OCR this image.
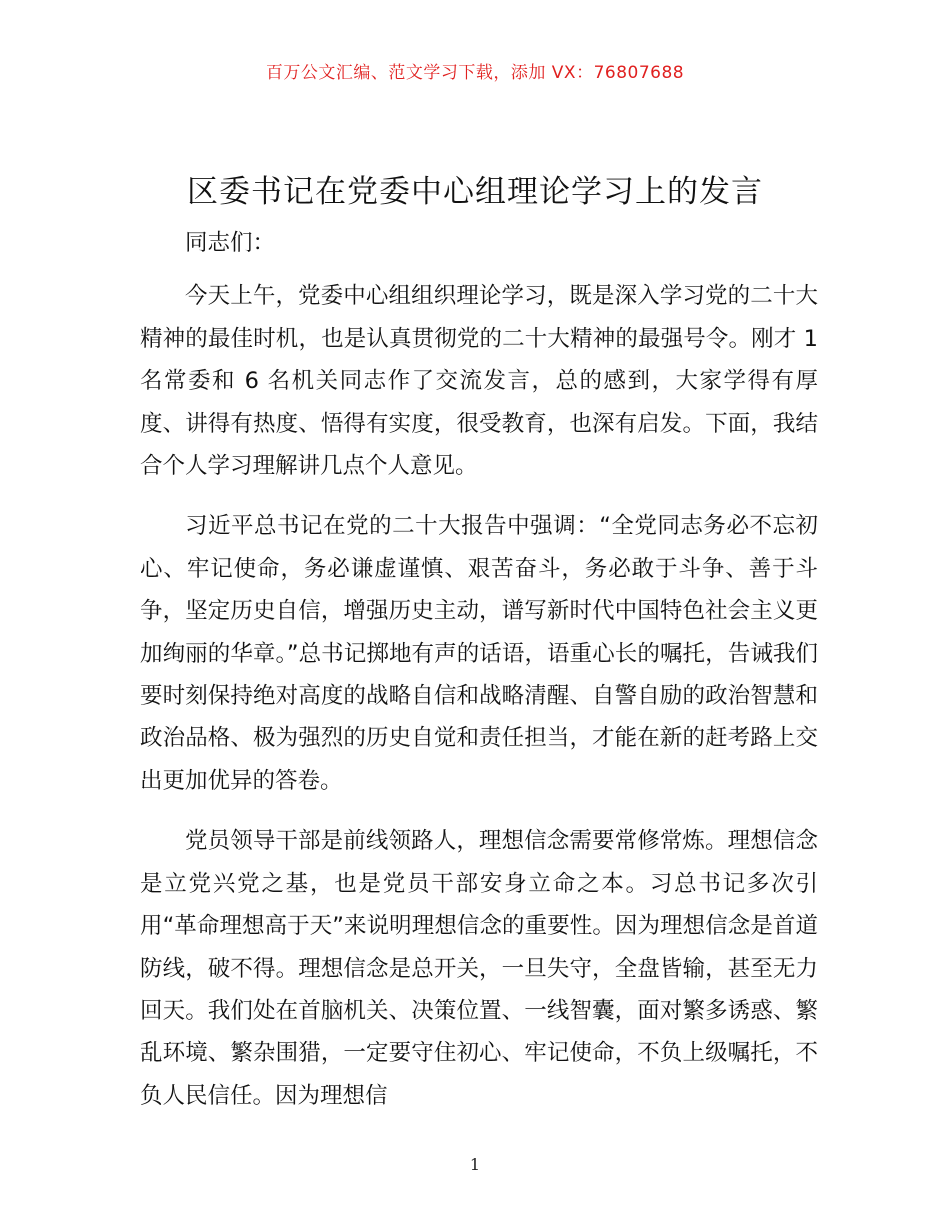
百万公文汇编、范文学习下载，添加 VX：76807688
区委书记在党委中心组理论学习上的发言

同志们：

今天上午，党委中心组组织理论学习，既是深入学习党的二十大精神的最佳时机，也是认真贯彻党的二十大精神的最强号令。刚才 1 名常委和 6 名机关同志作了交流发言，总的感到，大家学得有厚度、讲得有热度、悟得有实度，很受教育，也深有启发。下面，我结合个人学习理解讲几点个人意见。

习近平总书记在党的二十大报告中强调：“全党同志务必不忘初心、牢记使命，务必谦虚谨慎、艰苦奋斗，务必敢于斗争、善于斗争，坚定历史自信，增强历史主动，谱写新时代中国特色社会主义更加绚丽的华章。”总书记掷地有声的话语，语重心长的嘱托，告诫我们要时刻保持绝对高度的战略自信和战略清醒、自警自励的政治智慧和政治品格、极为强烈的历史自觉和责任担当，才能在新的赶考路上交出更加优异的答卷。

党员领导干部是前线领路人，理想信念需要常修常炼。理想信念是立党兴党之基，也是党员干部安身立命之本。习总书记多次引用“革命理想高于天”来说明理想信念的重要性。因为理想信念是首道防线，破不得。理想信念是总开关，一旦失守，全盘皆输，甚至无力回天。我们处在首脑机关、决策位置、一线智囊，面对繁多诱惑、繁乱环境、繁杂围猎，一定要守住初心、牢记使命，不负上级嘱托，不负人民信任。因为理想信

1
